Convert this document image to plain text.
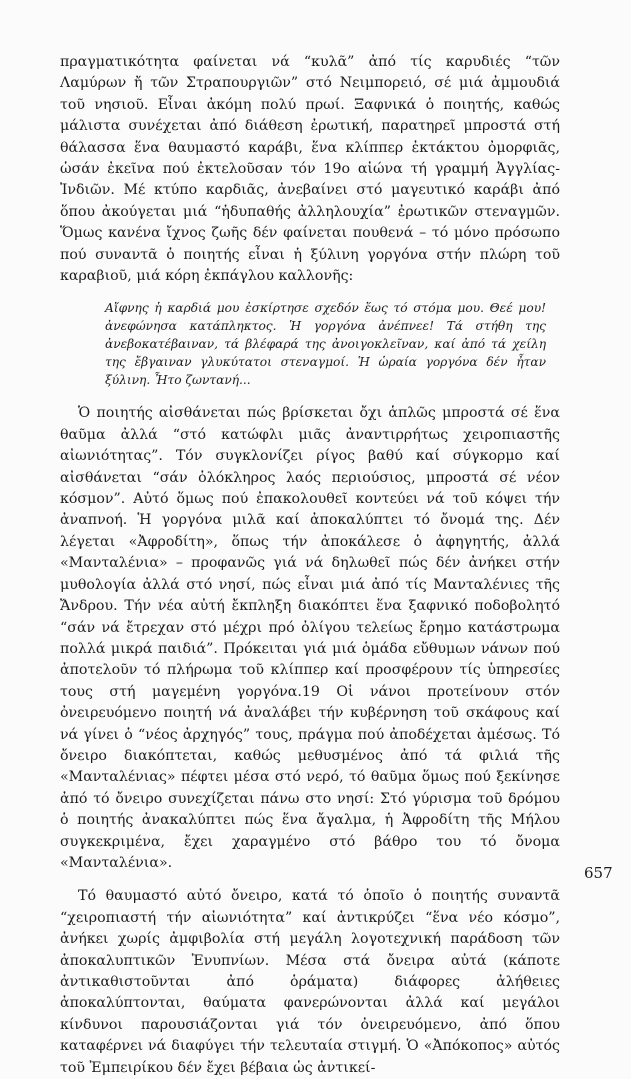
πραγματικότητα φαίνεται νά “κυλᾶ” ἀπό τίς καρυδιές “τῶν Λαμύρων ἤ τῶν Στραπουργιῶν” στό Νειμπορειό, σέ μιά ἀμμουδιά τοῦ νησιοῦ. Εἶναι ἀκόμη πολύ πρωί. Ξαφνικά ὁ ποιητής, καθώς μάλιστα συνέχεται ἀπό διάθεση ἐρωτική, παρατηρεῖ μπροστά στή θάλασσα ἕνα θαυμαστό καράβι, ἕνα κλίππερ ἐκτάκτου ὀμορφιᾶς, ὡσάν ἐκεῖνα πού ἐκτελοῦσαν τόν 19ο αἰώνα τή γραμμή Ἀγγλίας-Ἰνδιῶν. Μέ κτύπο καρδιᾶς, ἀνεβαίνει στό μαγευτικό καράβι ἀπό ὅπου ἀκούγεται μιά “ἡδυπαθής ἀλληλουχία” ἐρωτικῶν στεναγμῶν. Ὅμως κανένα ἴχνος ζωῆς δέν φαίνεται πουθενά – τό μόνο πρόσωπο πού συναντᾶ ὁ ποιητής εἶναι ἡ ξύλινη γοργόνα στήν πλώρη τοῦ καραβιοῦ, μιά κόρη ἐκπάγλου καλλονῆς:

Αἴφνης ἡ καρδιά μου ἐσκίρτησε σχεδόν ἕως τό στόμα μου. Θεέ μου! ἀνεφώνησα κατάπληκτος. Ἡ γοργόνα ἀνέπνεε! Τά στήθη της ἀνεβοκατέβαιναν, τά βλέφαρά της ἀνοιγοκλεῖναν, καί ἀπό τά χείλη της ἔβγαιναν γλυκύτατοι στεναγμοί. Ἡ ὡραία γοργόνα δέν ἦταν ξύλινη. Ἦτο ζωντανή...

Ὁ ποιητής αἰσθάνεται πώς βρίσκεται ὄχι ἁπλῶς μπροστά σέ ἕνα θαῦμα ἀλλά “στό κατώφλι μιᾶς ἀναντιρρήτως χειροπιαστῆς αἰωνιότητας”. Τόν συγκλονίζει ρίγος βαθύ καί σύγκορμο καί αἰσθάνεται “σάν ὁλόκληρος λαός περιούσιος, μπροστά σέ νέον κόσμον”. Αὐτό ὅμως πού ἐπακολουθεῖ κοντεύει νά τοῦ κόψει τήν ἀναπνοή. Ἡ γοργόνα μιλᾶ καί ἀποκαλύπτει τό ὄνομά της. Δέν λέγεται «Ἀφροδίτη», ὅπως τήν ἀποκάλεσε ὁ ἀφηγητής, ἀλλά «Μανταλένια» – προφανῶς γιά νά δηλωθεῖ πώς δέν ἀνήκει στήν μυθολογία ἀλλά στό νησί, πώς εἶναι μιά ἀπό τίς Μανταλένιες τῆς Ἄνδρου. Τήν νέα αὐτή ἔκπληξη διακόπτει ἕνα ξαφνικό ποδοβολητό “σάν νά ἔτρεχαν στό μέχρι πρό ὀλίγου τελείως ἔρημο κατάστρωμα πολλά μικρά παιδιά”. Πρόκειται γιά μιά ὁμάδα εὔθυμων νάνων πού ἀποτελοῦν τό πλήρωμα τοῦ κλίππερ καί προσφέρουν τίς ὑπηρεσίες τους στή μαγεμένη γοργόνα.19 Οἱ νάνοι προτείνουν στόν ὀνειρευόμενο ποιητή νά ἀναλάβει τήν κυβέρνηση τοῦ σκάφους καί νά γίνει ὁ “νέος ἀρχηγός” τους, πράγμα πού ἀποδέχεται ἀμέσως. Τό ὄνειρο διακόπτεται, καθώς μεθυσμένος ἀπό τά φιλιά τῆς «Μανταλένιας» πέφτει μέσα στό νερό, τό θαῦμα ὅμως πού ξεκίνησε ἀπό τό ὄνειρο συνεχίζεται πάνω στο νησί: Στό γύρισμα τοῦ δρόμου ὁ ποιητής ἀνακαλύπτει πώς ἕνα ἄγαλμα, ἡ Ἀφροδίτη τῆς Μήλου συγκεκριμένα, ἔχει χαραγμένο στό βάθρο του τό ὄνομα «Μανταλένια».

Τό θαυμαστό αὐτό ὄνειρο, κατά τό ὁποῖο ὁ ποιητής συναντᾶ “χειροπιαστή τήν αἰωνιότητα” καί ἀντικρύζει “ἕνα νέο κόσμο”, ἀνήκει χωρίς ἀμφιβολία στή μεγάλη λογοτεχνική παράδοση τῶν ἀποκαλυπτικῶν Ἐνυπνίων. Μέσα στά ὄνειρα αὐτά (κάποτε ἀντικαθιστοῦνται ἀπό ὁράματα) διάφορες ἀλήθειες ἀποκαλύπτονται, θαύματα φανερώνονται ἀλλά καί μεγάλοι κίνδυνοι παρουσιάζονται γιά τόν ὀνειρευόμενο, ἀπό ὅπου καταφέρνει νά διαφύγει τήν τελευταία στιγμή. Ὁ «Ἀπόκοπος» αὐτός τοῦ Ἐμπειρίκου δέν ἔχει βέβαια ὡς ἀντικεί-

657
